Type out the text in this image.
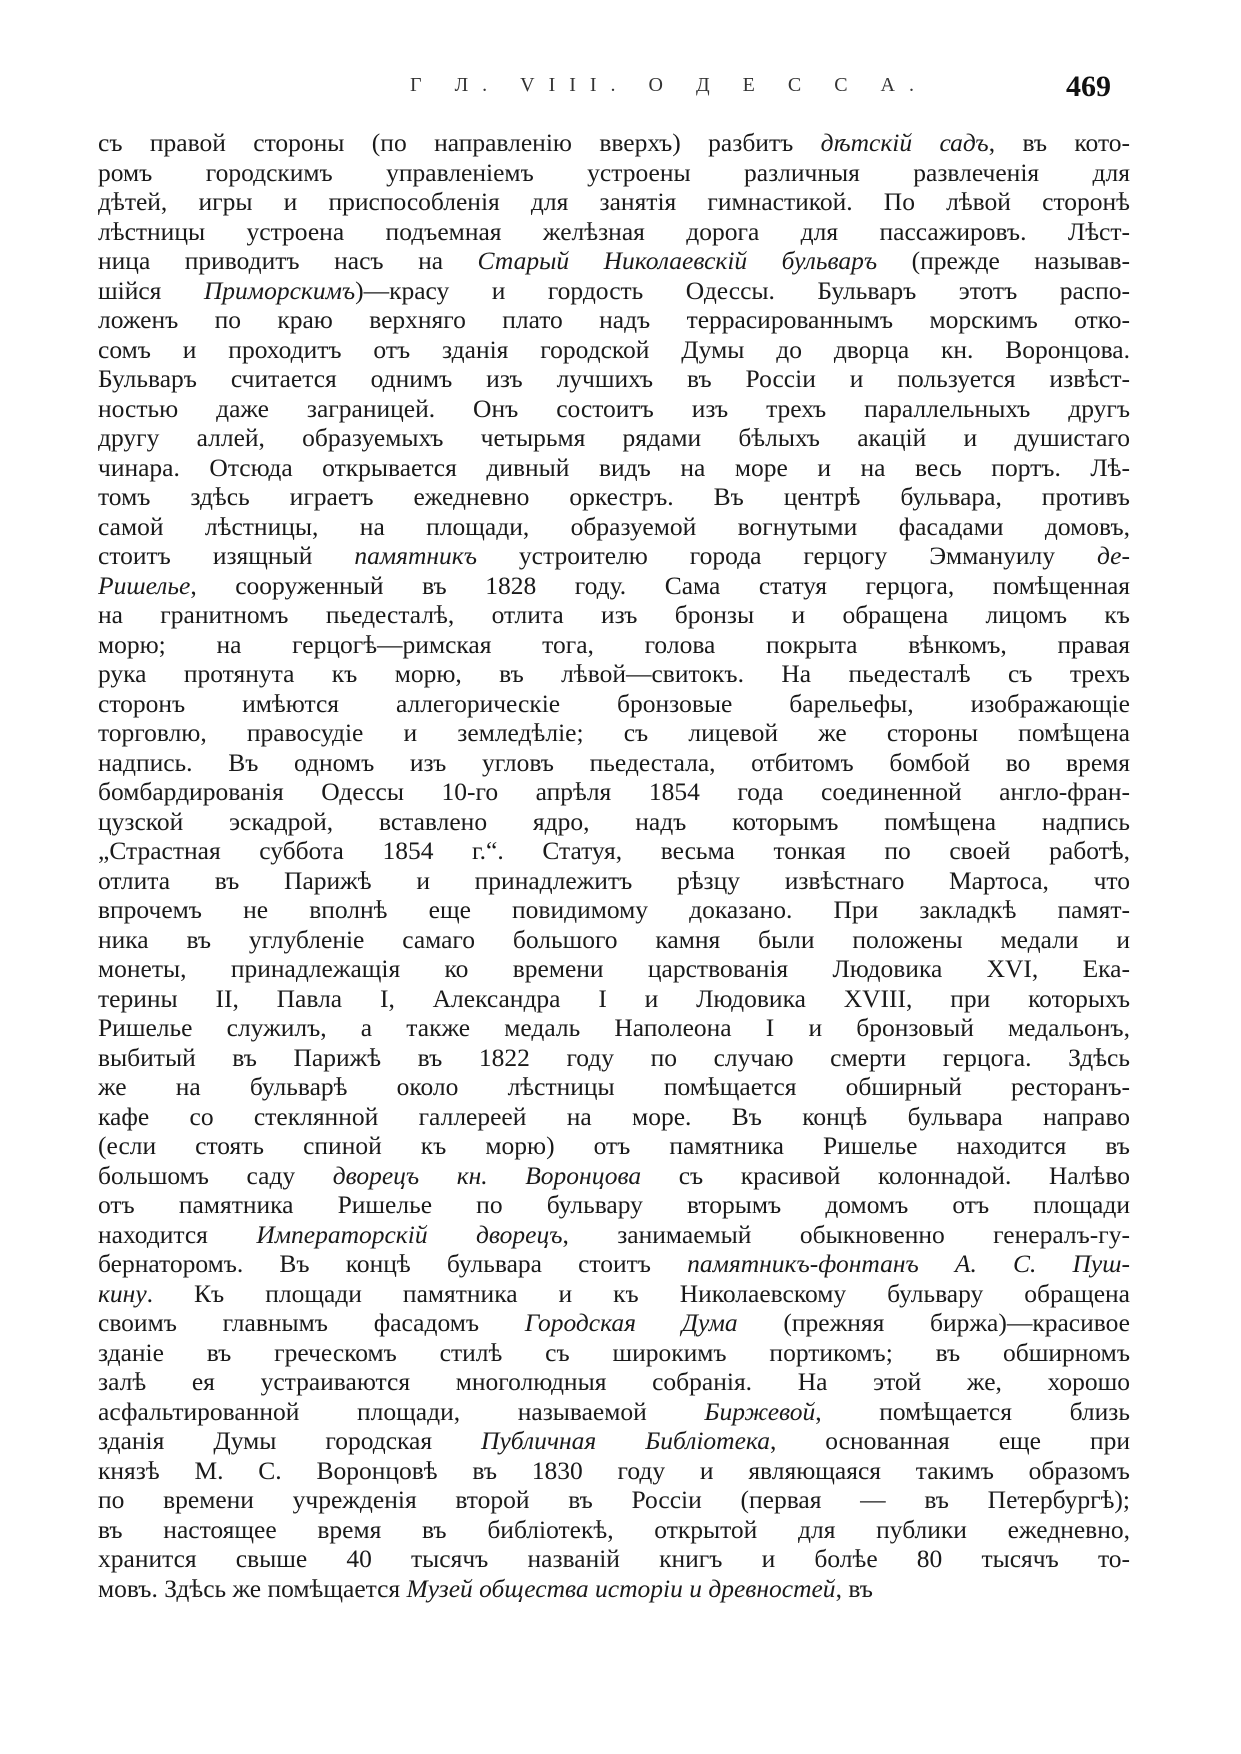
Г Л. VIII. О Д Е С С А.	469
съ правой стороны (по направленію вверхъ) разбитъ дѣтскій садъ, въ кото-
ромъ городскимъ управленіемъ устроены различныя развлеченія для
дѣтей, игры и приспособленія для занятія гимнастикой. По лѣвой сторонѣ
лѣстницы устроена подъемная желѣзная дорога для пассажировъ. Лѣст-
ница приводитъ насъ на Старый Николаевскій бульваръ (прежде называв-
шійся Приморскимъ)—красу и гордость Одессы. Бульваръ этотъ распо-
ложенъ по краю верхняго плато надъ террасированнымъ морскимъ отко-
сомъ и проходитъ отъ зданія городской Думы до дворца кн. Воронцова.
Бульваръ считается однимъ изъ лучшихъ въ Россіи и пользуется извѣст-
ностью даже заграницей. Онъ состоитъ изъ трехъ параллельныхъ другъ
другу аллей, образуемыхъ четырьмя рядами бѣлыхъ акацій и душистаго
чинара. Отсюда открывается дивный видъ на море и на весь портъ. Лѣ-
томъ здѣсь играетъ ежедневно оркестръ. Въ центрѣ бульвара, противъ
самой лѣстницы, на площади, образуемой вогнутыми фасадами домовъ,
стоитъ изящный памятникъ устроителю города герцогу Эммануилу де-
Ришелье, сооруженный въ 1828 году. Сама статуя герцога, помѣщенная
на гранитномъ пьедесталѣ, отлита изъ бронзы и обращена лицомъ къ
морю; на герцогѣ—римская тога, голова покрыта вѣнкомъ, правая
рука протянута къ морю, въ лѣвой—свитокъ. На пьедесталѣ съ трехъ
сторонъ имѣются аллегорическіе бронзовые барельефы, изображающіе
торговлю, правосудіе и земледѣліе; съ лицевой же стороны помѣщена
надпись. Въ одномъ изъ угловъ пьедестала, отбитомъ бомбой во время
бомбардированія Одессы 10-го апрѣля 1854 года соединенной англо-фран-
цузской эскадрой, вставлено ядро, надъ которымъ помѣщена надпись
„Страстная суббота 1854 г.“. Статуя, весьма тонкая по своей работѣ,
отлита въ Парижѣ и принадлежитъ рѣзцу извѣстнаго Мартоса, что
впрочемъ не вполнѣ еще повидимому доказано. При закладкѣ памят-
ника въ углубленіе самаго большого камня были положены медали и
монеты, принадлежащія ко времени царствованія Людовика XVI, Ека-
терины II, Павла I, Александра I и Людовика XVIII, при которыхъ
Ришелье служилъ, а также медаль Наполеона I и бронзовый медальонъ,
выбитый въ Парижѣ въ 1822 году по случаю смерти герцога. Здѣсь
же на бульварѣ около лѣстницы помѣщается обширный ресторанъ-
кафе со стеклянной галлереей на море. Въ концѣ бульвара направо
(если стоять спиной къ морю) отъ памятника Ришелье находится въ
большомъ саду дворецъ кн. Воронцова съ красивой колоннадой. Налѣво
отъ памятника Ришелье по бульвару вторымъ домомъ отъ площади
находится Императорскій дворецъ, занимаемый обыкновенно генералъ-гу-
бернаторомъ. Въ концѣ бульвара стоитъ памятникъ-фонтанъ А. С. Пуш-
кину. Къ площади памятника и къ Николаевскому бульвару обращена
своимъ главнымъ фасадомъ Городская Дума (прежняя биржа)—красивое
зданіе въ греческомъ стилѣ съ широкимъ портикомъ; въ обширномъ
залѣ ея устраиваются многолюдныя собранія. На этой же, хорошо
асфальтированной площади, называемой Биржевой, помѣщается близь
зданія Думы городская Публичная Библіотека, основанная еще при
князѣ М. С. Воронцовѣ въ 1830 году и являющаяся такимъ образомъ
по времени учрежденія второй въ Россіи (первая — въ Петербургѣ);
въ настоящее время въ библіотекѣ, открытой для публики ежедневно,
хранится свыше 40 тысячъ названій книгъ и болѣе 80 тысячъ то-
мовъ. Здѣсь же помѣщается Музей общества исторіи и древностей, въ
